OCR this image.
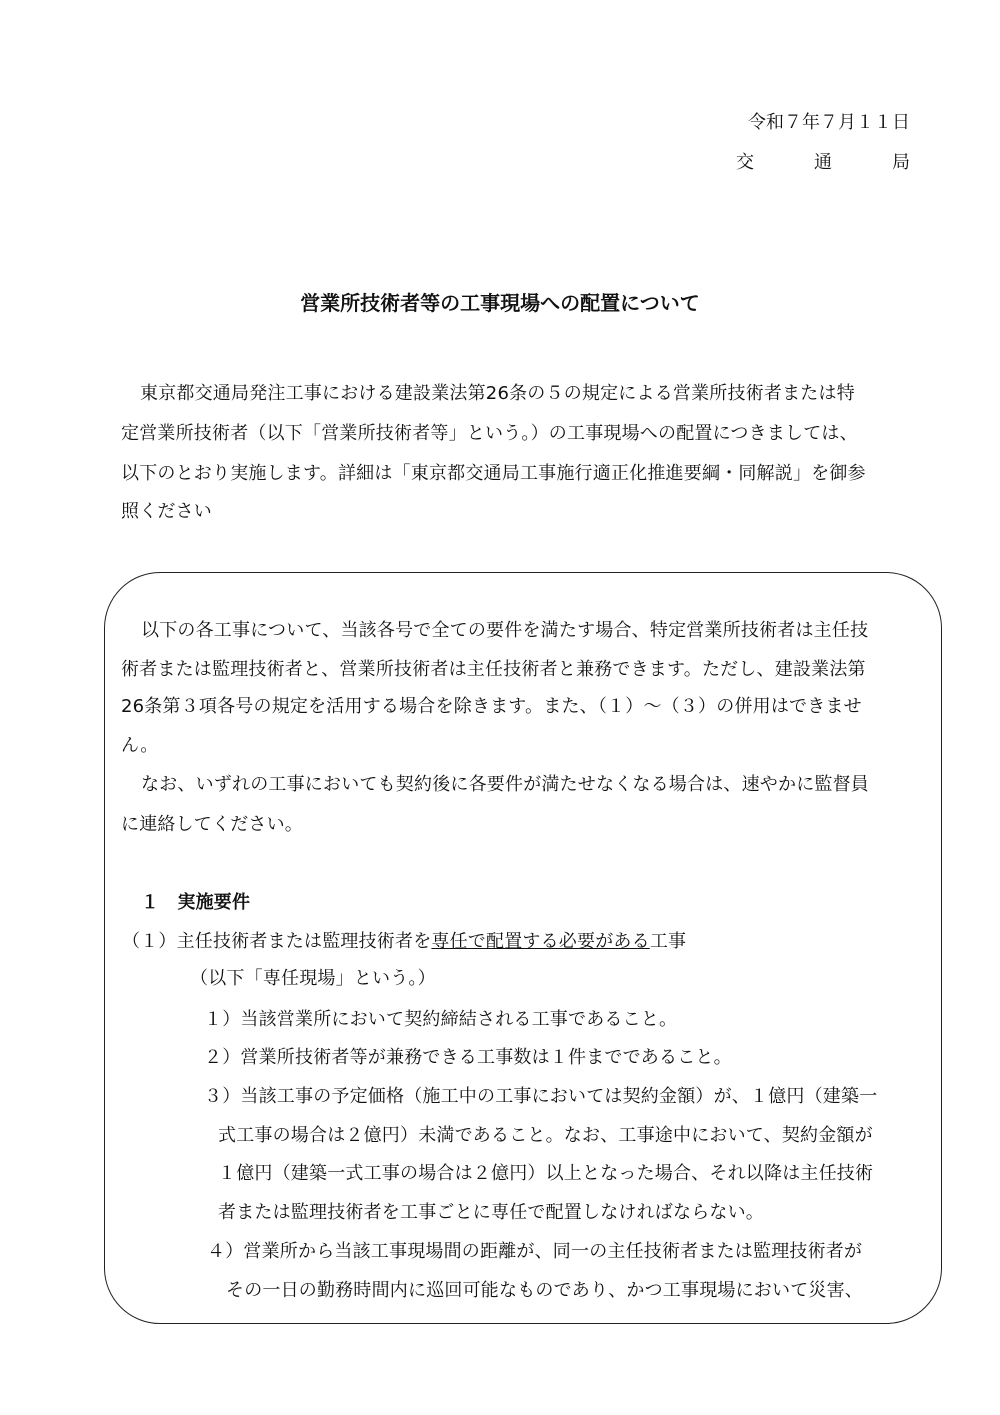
令和７年７月１１日
交	通	局
営業所技術者等の工事現場への配置について
東京都交通局発注工事における建設業法第26条の５の規定による営業所技術者または特
定営業所技術者（以下「営業所技術者等」という。）の工事現場への配置につきましては、
以下のとおり実施します。詳細は「東京都交通局工事施行適正化推進要綱・同解説」を御参
照ください
以下の各工事について、当該各号で全ての要件を満たす場合、特定営業所技術者は主任技
術者または監理技術者と、営業所技術者は主任技術者と兼務できます。ただし、建設業法第
26条第３項各号の規定を活用する場合を除きます。また、（１）～（３）の併用はできませ
ん。
なお、いずれの工事においても契約後に各要件が満たせなくなる場合は、速やかに監督員
に連絡してください。
１　実施要件
（１）主任技術者または監理技術者を専任で配置する必要がある工事
（以下「専任現場」という。）
１）当該営業所において契約締結される工事であること。
２）営業所技術者等が兼務できる工事数は１件までであること。
３）当該工事の予定価格（施工中の工事においては契約金額）が、１億円（建築一
式工事の場合は２億円）未満であること。なお、工事途中において、契約金額が
１億円（建築一式工事の場合は２億円）以上となった場合、それ以降は主任技術
者または監理技術者を工事ごとに専任で配置しなければならない。
４）営業所から当該工事現場間の距離が、同一の主任技術者または監理技術者が
その一日の勤務時間内に巡回可能なものであり、かつ工事現場において災害、
